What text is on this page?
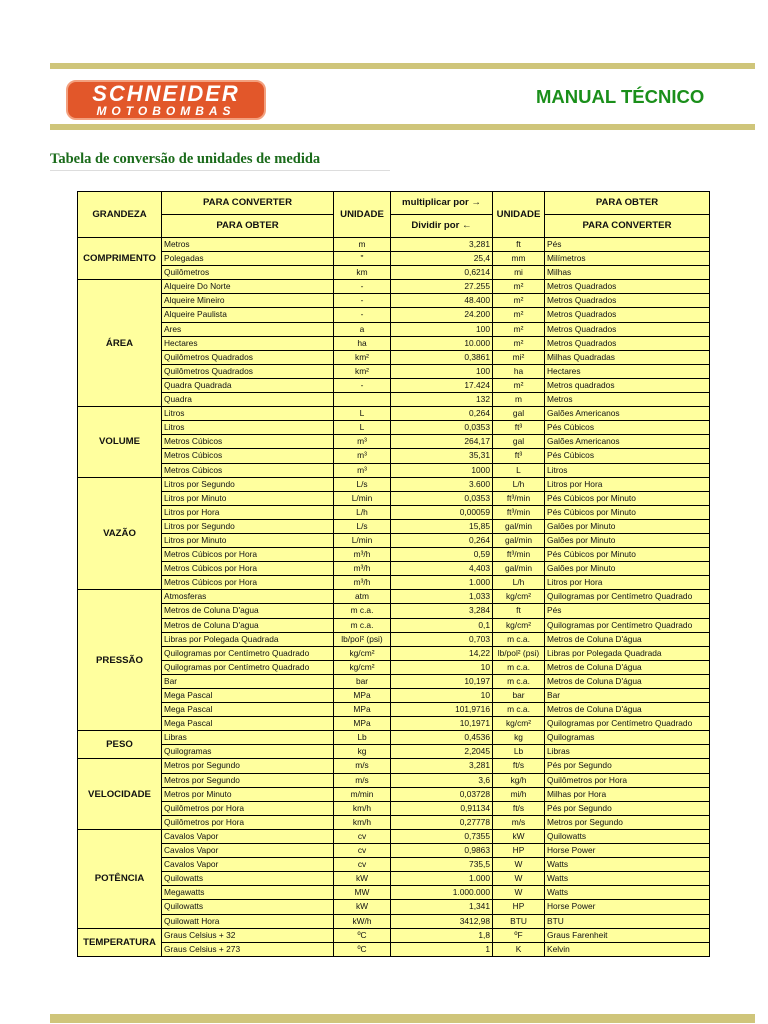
SCHNEIDER
MOTOBOMBAS
MANUAL TÉCNICO
Tabela de conversão de unidades de medida
GRANDEZA	PARA CONVERTER	UNIDADE	multiplicar por →	UNIDADE	PARA OBTER
	PARA OBTER		Dividir por ←		PARA CONVERTER
COMPRIMENTO	Metros	m	3,281	ft	Pés
	Polegadas	"	25,4	mm	Milímetros
	Quilômetros	km	0,6214	mi	Milhas
ÁREA	Alqueire Do Norte	-	27.255	m²	Metros Quadrados
	Alqueire Mineiro	-	48.400	m²	Metros Quadrados
	Alqueire Paulista	-	24.200	m²	Metros Quadrados
	Ares	a	100	m²	Metros Quadrados
	Hectares	ha	10.000	m²	Metros Quadrados
	Quilômetros Quadrados	km²	0,3861	mi²	Milhas Quadradas
	Quilômetros Quadrados	km²	100	ha	Hectares
	Quadra Quadrada	-	17.424	m²	Metros quadrados
	Quadra		132	m	Metros
VOLUME	Litros	L	0,264	gal	Galões Americanos
	Litros	L	0,0353	ft³	Pés Cúbicos
	Metros Cúbicos	m³	264,17	gal	Galões Americanos
	Metros Cúbicos	m³	35,31	ft³	Pés Cúbicos
	Metros Cúbicos	m³	1000	L	Litros
VAZÃO	Litros por Segundo	L/s	3.600	L/h	Litros por Hora
	Litros por Minuto	L/min	0,0353	ft³/min	Pés Cúbicos por Minuto
	Litros por Hora	L/h	0,00059	ft³/min	Pés Cúbicos por Minuto
	Litros por Segundo	L/s	15,85	gal/min	Galões por Minuto
	Litros por Minuto	L/min	0,264	gal/min	Galões por Minuto
	Metros Cúbicos por Hora	m³/h	0,59	ft³/min	Pés Cúbicos por Minuto
	Metros Cúbicos por Hora	m³/h	4,403	gal/min	Galões por Minuto
	Metros Cúbicos por Hora	m³/h	1.000	L/h	Litros por Hora
PRESSÃO	Atmosferas	atm	1,033	kg/cm²	Quilogramas por Centímetro Quadrado
	Metros de Coluna D'agua	m c.a.	3,284	ft	Pés
	Metros de Coluna D'agua	m c.a.	0,1	kg/cm²	Quilogramas por Centímetro Quadrado
	Libras por Polegada Quadrada	lb/pol² (psi)	0,703	m c.a.	Metros de Coluna D'água
	Quilogramas por Centímetro Quadrado	kg/cm²	14,22	lb/pol² (psi)	Libras por Polegada Quadrada
	Quilogramas por Centímetro Quadrado	kg/cm²	10	m c.a.	Metros de Coluna D'água
	Bar	bar	10,197	m c.a.	Metros de Coluna D'água
	Mega Pascal	MPa	10	bar	Bar
	Mega Pascal	MPa	101,9716	m c.a.	Metros de Coluna D'água
	Mega Pascal	MPa	10,1971	kg/cm²	Quilogramas por Centímetro Quadrado
PESO	Libras	Lb	0,4536	kg	Quilogramas
	Quilogramas	kg	2,2045	Lb	Libras
VELOCIDADE	Metros por Segundo	m/s	3,281	ft/s	Pés por Segundo
	Metros por Segundo	m/s	3,6	kg/h	Quilômetros por Hora
	Metros por Minuto	m/min	0,03728	mi/h	Milhas por Hora
	Quilômetros por Hora	km/h	0,91134	ft/s	Pés por Segundo
	Quilômetros por Hora	km/h	0,27778	m/s	Metros por Segundo
POTÊNCIA	Cavalos Vapor	cv	0,7355	kW	Quilowatts
	Cavalos Vapor	cv	0,9863	HP	Horse Power
	Cavalos Vapor	cv	735,5	W	Watts
	Quilowatts	kW	1.000	W	Watts
	Megawatts	MW	1.000.000	W	Watts
	Quilowatts	kW	1,341	HP	Horse Power
	Quilowatt Hora	kW/h	3412,98	BTU	BTU
TEMPERATURA	Graus Celsius + 32	ºC	1,8	ºF	Graus Farenheit
	Graus Celsius + 273	ºC	1	K	Kelvin
